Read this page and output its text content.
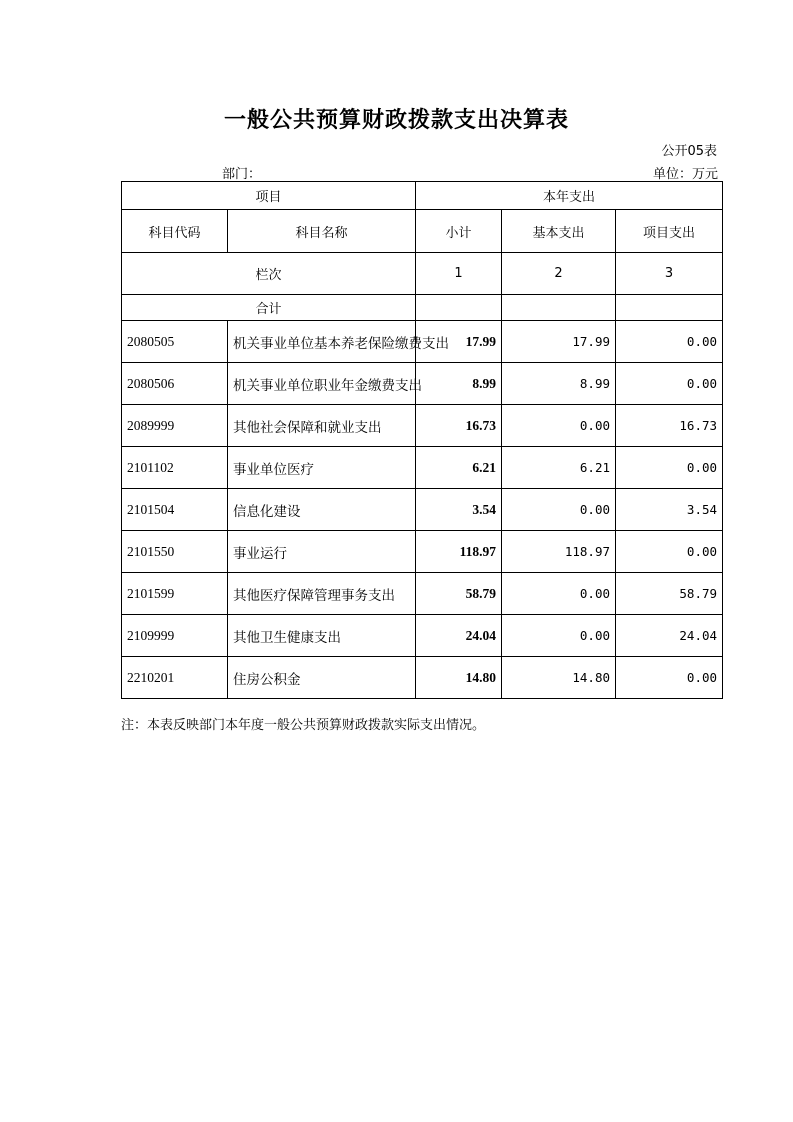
一般公共预算财政拨款支出决算表
公开05表
部门：	单位：万元
项目		本年支出		
科目代码	科目名称	小计	基本支出	项目支出
栏次		1	2	3
合计				
2080505	机关事业单位基本养老保险缴费支出	17.99	17.99	0.00
2080506	机关事业单位职业年金缴费支出	8.99	8.99	0.00
2089999	其他社会保障和就业支出	16.73	0.00	16.73
2101102	事业单位医疗	6.21	6.21	0.00
2101504	信息化建设	3.54	0.00	3.54
2101550	事业运行	118.97	118.97	0.00
2101599	其他医疗保障管理事务支出	58.79	0.00	58.79
2109999	其他卫生健康支出	24.04	0.00	24.04
2210201	住房公积金	14.80	14.80	0.00
注：本表反映部门本年度一般公共预算财政拨款实际支出情况。
